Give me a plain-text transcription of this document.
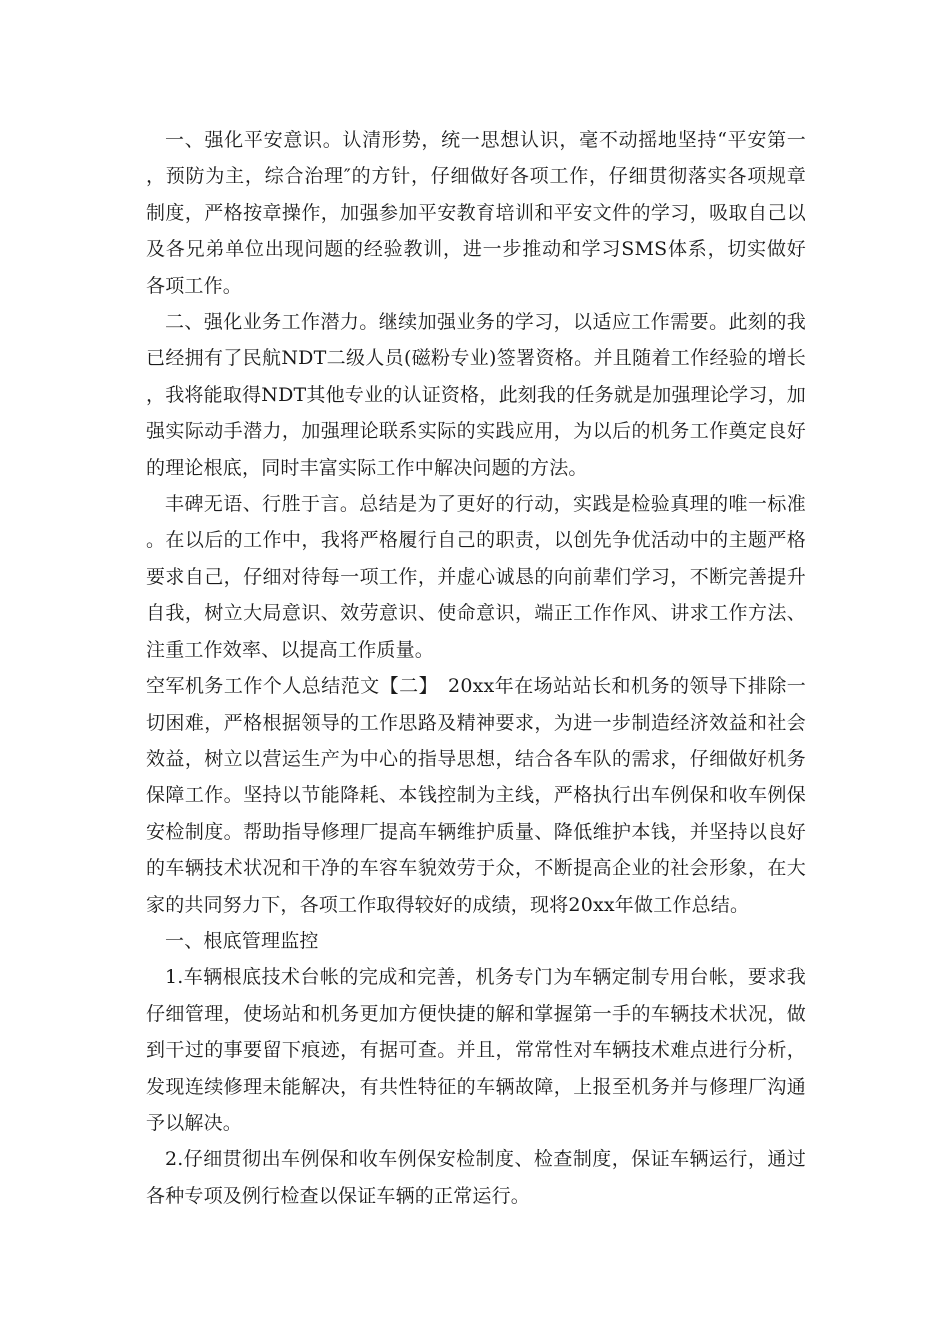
一、强化平安意识。认清形势，统一思想认识，毫不动摇地坚持“平安第一，预防为主，综合治理″的方针，仔细做好各项工作，仔细贯彻落实各项规章制度，严格按章操作，加强参加平安教育培训和平安文件的学习，吸取自己以及各兄弟单位出现问题的经验教训，进一步推动和学习SMS体系，切实做好各项工作。

二、强化业务工作潜力。继续加强业务的学习，以适应工作需要。此刻的我已经拥有了民航NDT二级人员(磁粉专业)签署资格。并且随着工作经验的增长，我将能取得NDT其他专业的认证资格，此刻我的任务就是加强理论学习，加强实际动手潜力，加强理论联系实际的实践应用，为以后的机务工作奠定良好的理论根底，同时丰富实际工作中解决问题的方法。

丰碑无语、行胜于言。总结是为了更好的行动，实践是检验真理的唯一标准。在以后的工作中，我将严格履行自己的职责，以创先争优活动中的主题严格要求自己，仔细对待每一项工作，并虚心诚恳的向前辈们学习，不断完善提升自我，树立大局意识、效劳意识、使命意识，端正工作作风、讲求工作方法、注重工作效率、以提高工作质量。

空军机务工作个人总结范文【二】　20xx年在场站站长和机务的领导下排除一切困难，严格根据领导的工作思路及精神要求，为进一步制造经济效益和社会效益，树立以营运生产为中心的指导思想，结合各车队的需求，仔细做好机务保障工作。坚持以节能降耗、本钱控制为主线，严格执行出车例保和收车例保安检制度。帮助指导修理厂提高车辆维护质量、降低维护本钱，并坚持以良好的车辆技术状况和干净的车容车貌效劳于众，不断提高企业的社会形象，在大家的共同努力下，各项工作取得较好的成绩，现将20xx年做工作总结。

一、根底管理监控

1.车辆根底技术台帐的完成和完善，机务专门为车辆定制专用台帐，要求我仔细管理，使场站和机务更加方便快捷的解和掌握第一手的车辆技术状况，做到干过的事要留下痕迹，有据可查。并且，常常性对车辆技术难点进行分析，发现连续修理未能解决，有共性特征的车辆故障，上报至机务并与修理厂沟通予以解决。

2.仔细贯彻出车例保和收车例保安检制度、检查制度，保证车辆运行，通过各种专项及例行检查以保证车辆的正常运行。
